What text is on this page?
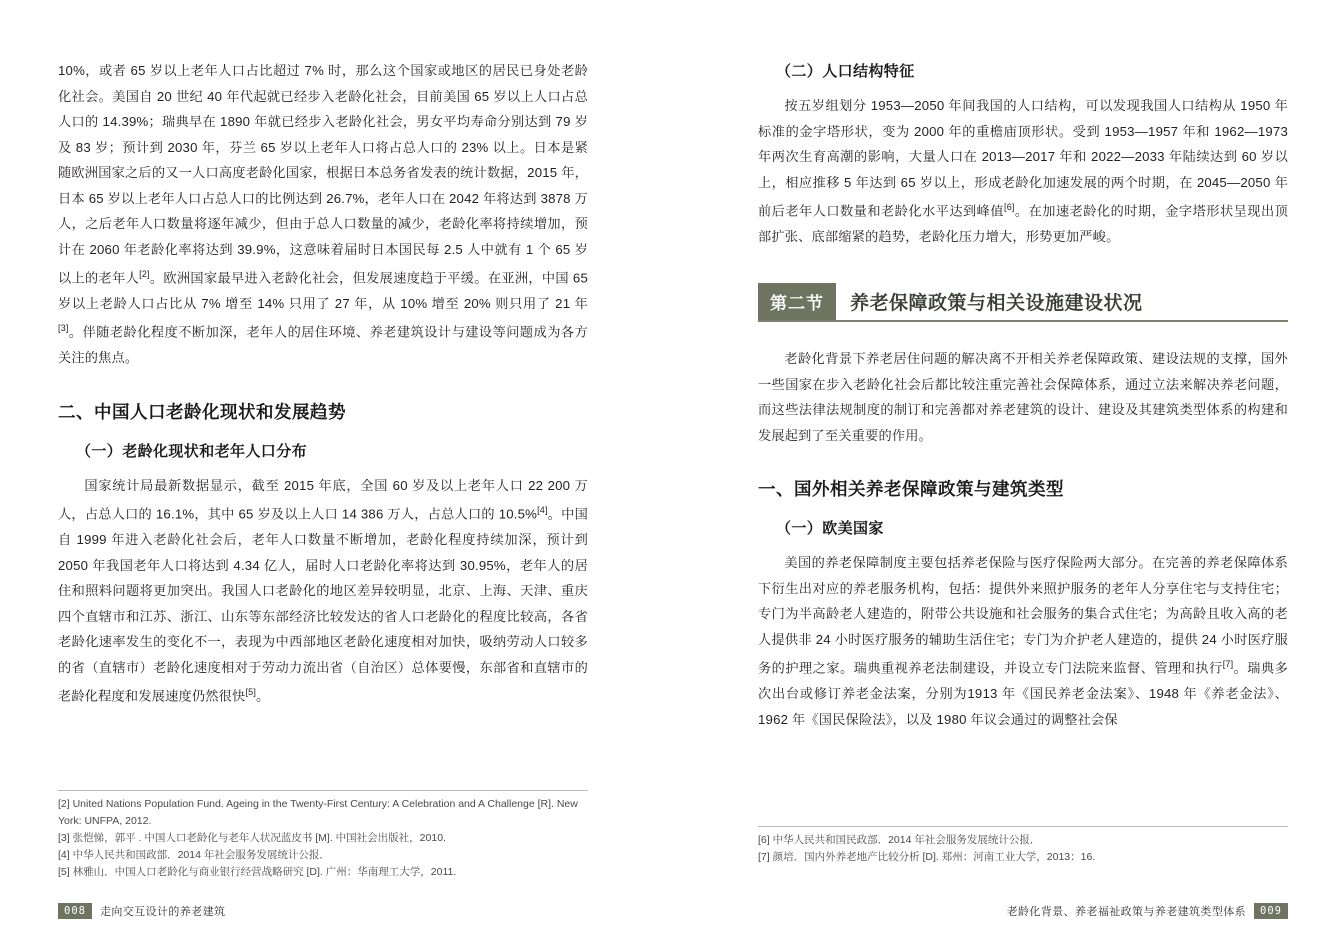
10%，或者 65 岁以上老年人口占比超过 7% 时，那么这个国家或地区的居民已身处老龄化社会。美国自 20 世纪 40 年代起就已经步入老龄化社会，目前美国 65 岁以上人口占总人口的 14.39%；瑞典早在 1890 年就已经步入老龄化社会，男女平均寿命分别达到 79 岁及 83 岁；预计到 2030 年，芬兰 65 岁以上老年人口将占总人口的 23% 以上。日本是紧随欧洲国家之后的又一人口高度老龄化国家，根据日本总务省发表的统计数据，2015 年，日本 65 岁以上老年人口占总人口的比例达到 26.7%，老年人口在 2042 年将达到 3878 万人，之后老年人口数量将逐年减少，但由于总人口数量的减少，老龄化率将持续增加，预计在 2060 年老龄化率将达到 39.9%，这意味着届时日本国民每 2.5 人中就有 1 个 65 岁以上的老年人[2]。欧洲国家最早进入老龄化社会，但发展速度趋于平缓。在亚洲，中国 65 岁以上老龄人口占比从 7% 增至 14% 只用了 27 年，从 10% 增至 20% 则只用了 21 年[3]。伴随老龄化程度不断加深，老年人的居住环境、养老建筑设计与建设等问题成为各方关注的焦点。

二、中国人口老龄化现状和发展趋势
（一）老龄化现状和老年人口分布

国家统计局最新数据显示，截至 2015 年底，全国 60 岁及以上老年人口 22 200 万人，占总人口的 16.1%，其中 65 岁及以上人口 14 386 万人，占总人口的 10.5%[4]。中国自 1999 年进入老龄化社会后，老年人口数量不断增加，老龄化程度持续加深，预计到 2050 年我国老年人口将达到 4.34 亿人，届时人口老龄化率将达到 30.95%，老年人的居住和照料问题将更加突出。我国人口老龄化的地区差异较明显，北京、上海、天津、重庆四个直辖市和江苏、浙江、山东等东部经济比较发达的省人口老龄化的程度比较高，各省老龄化速率发生的变化不一，表现为中西部地区老龄化速度相对加快，吸纳劳动人口较多的省（直辖市）老龄化速度相对于劳动力流出省（自治区）总体要慢，东部省和直辖市的老龄化程度和发展速度仍然很快[5]。

（二）人口结构特征

按五岁组划分 1953—2050 年间我国的人口结构，可以发现我国人口结构从 1950 年标准的金字塔形状，变为 2000 年的重檐庙顶形状。受到 1953—1957 年和 1962—1973 年两次生育高潮的影响，大量人口在 2013—2017 年和 2022—2033 年陆续达到 60 岁以上，相应推移 5 年达到 65 岁以上，形成老龄化加速发展的两个时期，在 2045—2050 年前后老年人口数量和老龄化水平达到峰值[6]。在加速老龄化的时期，金字塔形状呈现出顶部扩张、底部缩紧的趋势，老龄化压力增大，形势更加严峻。

第二节	养老保障政策与相关设施建设状况

老龄化背景下养老居住问题的解决离不开相关养老保障政策、建设法规的支撑，国外一些国家在步入老龄化社会后都比较注重完善社会保障体系，通过立法来解决养老问题，而这些法律法规制度的制订和完善都对养老建筑的设计、建设及其建筑类型体系的构建和发展起到了至关重要的作用。

一、国外相关养老保障政策与建筑类型
（一）欧美国家

美国的养老保障制度主要包括养老保险与医疗保险两大部分。在完善的养老保障体系下衍生出对应的养老服务机构，包括：提供外来照护服务的老年人分享住宅与支持住宅；专门为半高龄老人建造的，附带公共设施和社会服务的集合式住宅；为高龄且收入高的老人提供非 24 小时医疗服务的辅助生活住宅；专门为介护老人建造的，提供 24 小时医疗服务的护理之家。瑞典重视养老法制建设，并设立专门法院来监督、管理和执行[7]。瑞典多次出台或修订养老金法案，分别为1913 年《国民养老金法案》、1948 年《养老金法》、1962 年《国民保险法》，以及 1980 年议会通过的调整社会保

[2] United Nations Population Fund. Ageing in the Twenty-First Century: A Celebration and A Challenge [R]. New York: UNFPA, 2012.

[3] 张恺悌，郭平 . 中国人口老龄化与老年人状况蓝皮书 [M]. 中国社会出版社，2010.

[4] 中华人民共和国政部．2014 年社会服务发展统计公报．

[5] 林雅山．中国人口老龄化与商业银行经营战略研究 [D]. 广州：华南理工大学，2011.

[6] 中华人民共和国民政部．2014 年社会服务发展统计公报．

[7] 颜培．国内外养老地产比较分析 [D]. 郑州：河南工业大学，2013：16.

008	走向交互设计的养老建筑	老龄化背景、养老福祉政策与养老建筑类型体系	009
